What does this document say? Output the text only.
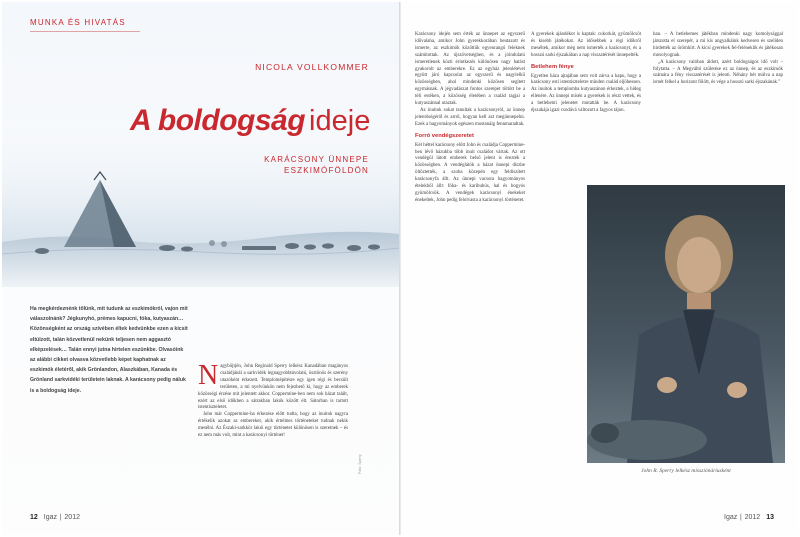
MUNKA ÉS HIVATÁS
NICOLA VOLLKOMMER
A boldogság ideje
KARÁCSONY ÜNNEPE
ESZKIMÓFÖLDÖN
Ha megkérdeznénk tőlünk, mit tudunk az eszkimókról, vajon mit válaszolnánk? Jégkunyhó, prémes kapucni, fóka, kutyaszán… Közönségként az ország szívében éltek kedvünkbe ezen a kicsit eltúlzott, talán közvetlenül nekünk teljesen nem aggasztó elképzelések… Talán ennyi jutna hirtelen eszünkbe. Olvasóink az alábbi cikket olvasva közvetlebb képet kaphatnak az eszkimók életéről, akik Grönlandon, Alaszkában, Kanada és Grönland sarkvidéki területein laknak. A karácsony pedig náluk is a boldogság ideje.	Nagyböjtjén, John Reginald Sperry lelkész Kanadában magányos családjánál a sarkvidék legnagyobbtávolatú, ösztönös és szerény utazóként érkezett. Templomépítésre egy igen régi és becsült területen, a mi nyelvünkön nem fejezhető ki, hogy az emberek közösségi érzése mit jelentett akkor. Coppermine-ben nem sok házat talált, ezért az első időkben a sátrakban lakók között élt. Sátorban is tartott istentiszteletet.

John már Coppermine-ba érkezése előtt tudta, hogy az inuitok nagyra értékelik azokat az embereket, akik értelmes történeteket tudnak nekik mesélni. Az Északi-sarkkör lakói egy történetet különösen is szeretnek – és ez nem más volt, mint a karácsonyi történet!

Fotó: Sperry
12 Igaz ∣ 2012

Karácsony idején sem érték az ünnepet az egyszerű idővalaha, amikor John gyerekkorában beutazott és ismerte, az eszkimók közöttük egyenrangú feleknek számítottak. Az újszövetségben, és a jóindulatú ismeretlenek közti érintkezés különösen nagy hatást gyakorolt az emberekre. Ez az egyház jelenlétével együtt járó kapcsolat az egyszerű és nagylelkű közösségben, ahol mindenki közösen segített egymásnak. A jégvadászat fontos szerepet töltött be a téli estéken, a közösség életében a család tagjai a kutyaszánnal utaztak.

Az inuitok sokat tanultak a karácsonyról, az ünnep jelentőségéről és arról, hogyan kell azt megünnepelni. Ezek a hagyományok egészen mostanáig fennmaradtak.

Forró vendégszeretet

Két héttel karácsony előtt John és családja Coppermine-ben lévő házukba több inuit családot vártak. Az ott vendégül látott emberek belső jelent is érezték a közösségben. A vendéglátók a házat ünnepi díszbe öltöztették, a szoba közepén egy feldíszített karácsonyfa állt. Az ünnepi vacsora hagyományos ételekből állt: fóka- és karibuhús, hal és bogyós gyümölcsök. A vendégek karácsonyi énekeket énekeltek, John pedig felolvasta a karácsonyi történetet.

A gyerekek ajándékot is kaptak: cukorkát, gyümölcsöt és kisebb játékokat. Az idősebbek a régi időkről meséltek, amikor még nem ismerték a karácsonyt, és a hosszú sarki éjszakában a nap visszatérését ünnepelték.

Betlehem fénye

Egyetlen háza ajtajában sem volt zárva a kapu, hogy a karácsony esti istentiszteletre minden család eljöhessen. Az inuitok a templomba kutyaszánon érkeztek, a hideg ellenére. Az ünnepi misén a gyerekek is részt vettek, és a betlehemi jelenetet mutatták be. A karácsony éjszakája igazi csodává változott a fagyos tájon.

ban. – A betlehemes játékban mindenki nagy komolysággal játszotta el szerepét, a mi kis angyalkáink kedvesen és szelíden hirdették az örömhírt. A kicsi gyerekek fel-feléneklik és játékosan mosolyognak.

„A karácsony valóban áldott, azért boldogságos idő volt – folytatta. – A Megváltó születése ez az ünnep, és az eszkimók számára a fény visszatérését is jelenti. Néhány hét múlva a nap ismét felkel a horizont fölött, és vége a hosszú sarki éjszakának.”

John R. Sperry lelkész missziónáriusként
Igaz ∣ 2012 13
